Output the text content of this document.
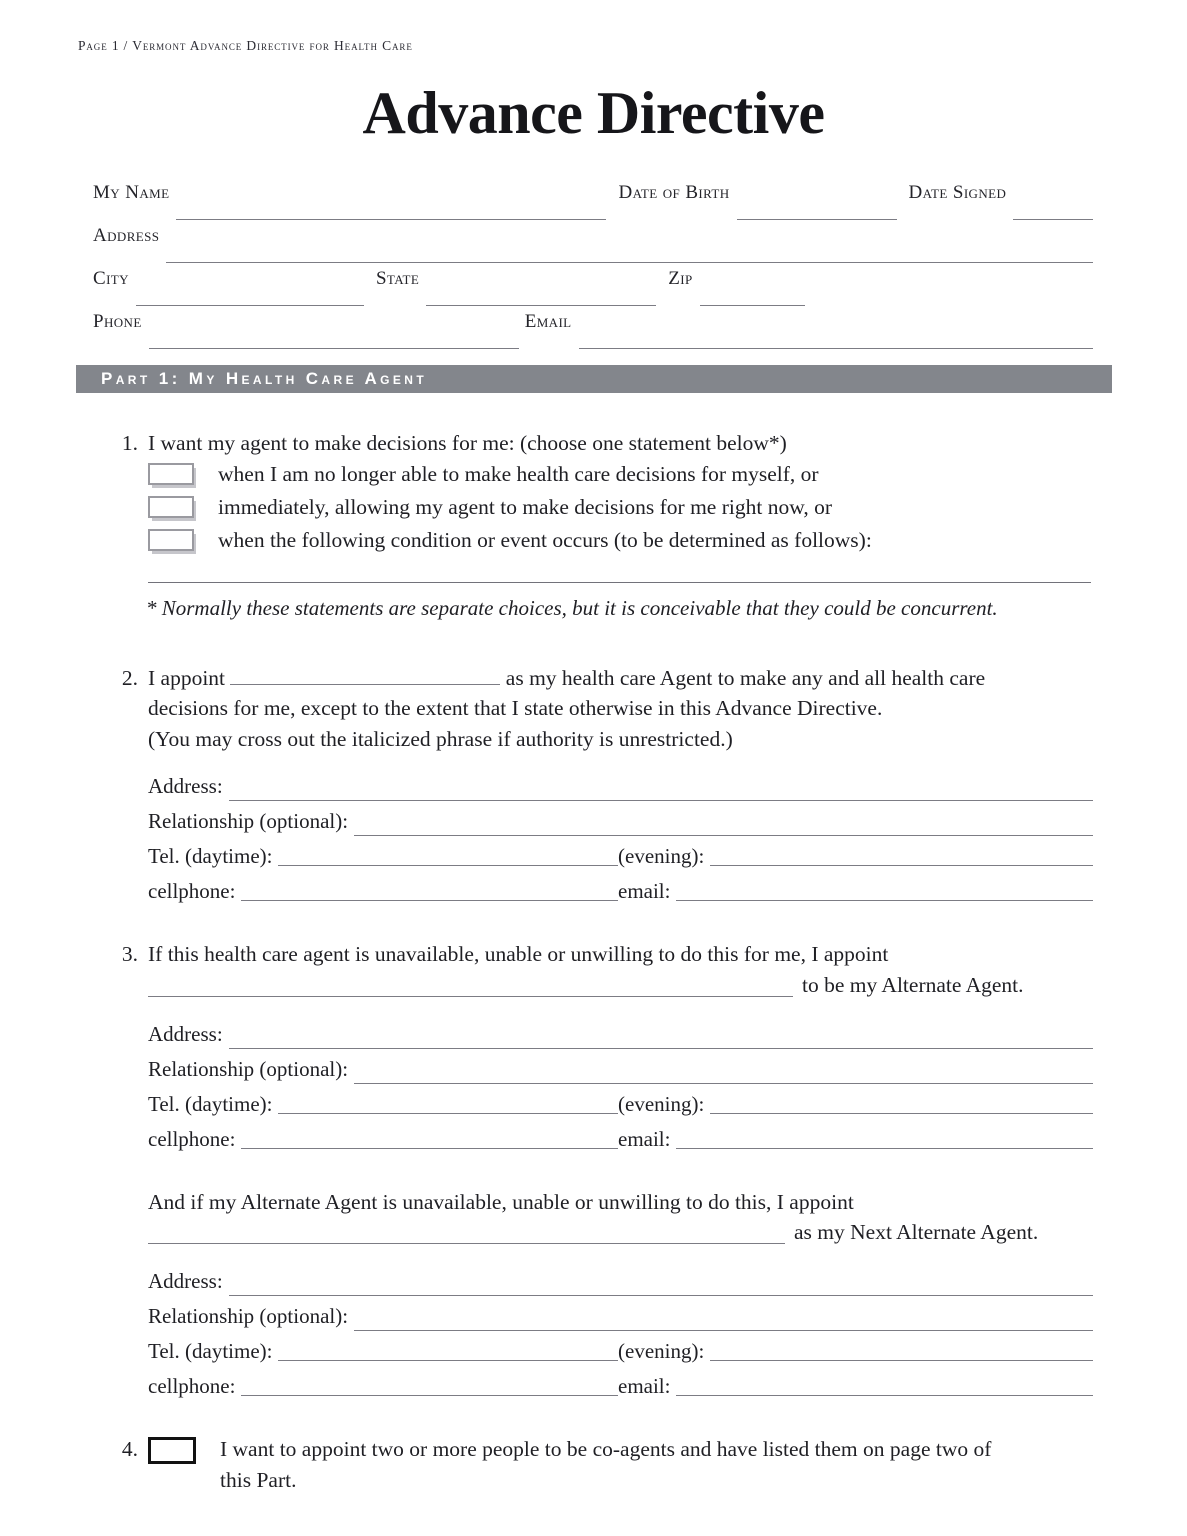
Page 1 / Vermont Advance Directive for Health Care
Advance Directive
My Name	Date of Birth	Date Signed
Address
City	State	Zip
Phone	Email
Part 1: My Health Care Agent
1. I want my agent to make decisions for me: (choose one statement below*)
when I am no longer able to make health care decisions for myself, or
immediately, allowing my agent to make decisions for me right now, or
when the following condition or event occurs (to be determined as follows):
* Normally these statements are separate choices, but it is conceivable that they could be concurrent.
2. I appoint	as my health care Agent to make any and all health care
decisions for me, except to the extent that I state otherwise in this Advance Directive.
(You may cross out the italicized phrase if authority is unrestricted.)
Address:
Relationship (optional):
Tel. (daytime):	(evening):
cellphone:	email:
3. If this health care agent is unavailable, unable or unwilling to do this for me, I appoint
to be my Alternate Agent.
Address:
Relationship (optional):
Tel. (daytime):	(evening):
cellphone:	email:
And if my Alternate Agent is unavailable, unable or unwilling to do this, I appoint
as my Next Alternate Agent.
Address:
Relationship (optional):
Tel. (daytime):	(evening):
cellphone:	email:
4.	I want to appoint two or more people to be co-agents and have listed them on page two of
this Part.
